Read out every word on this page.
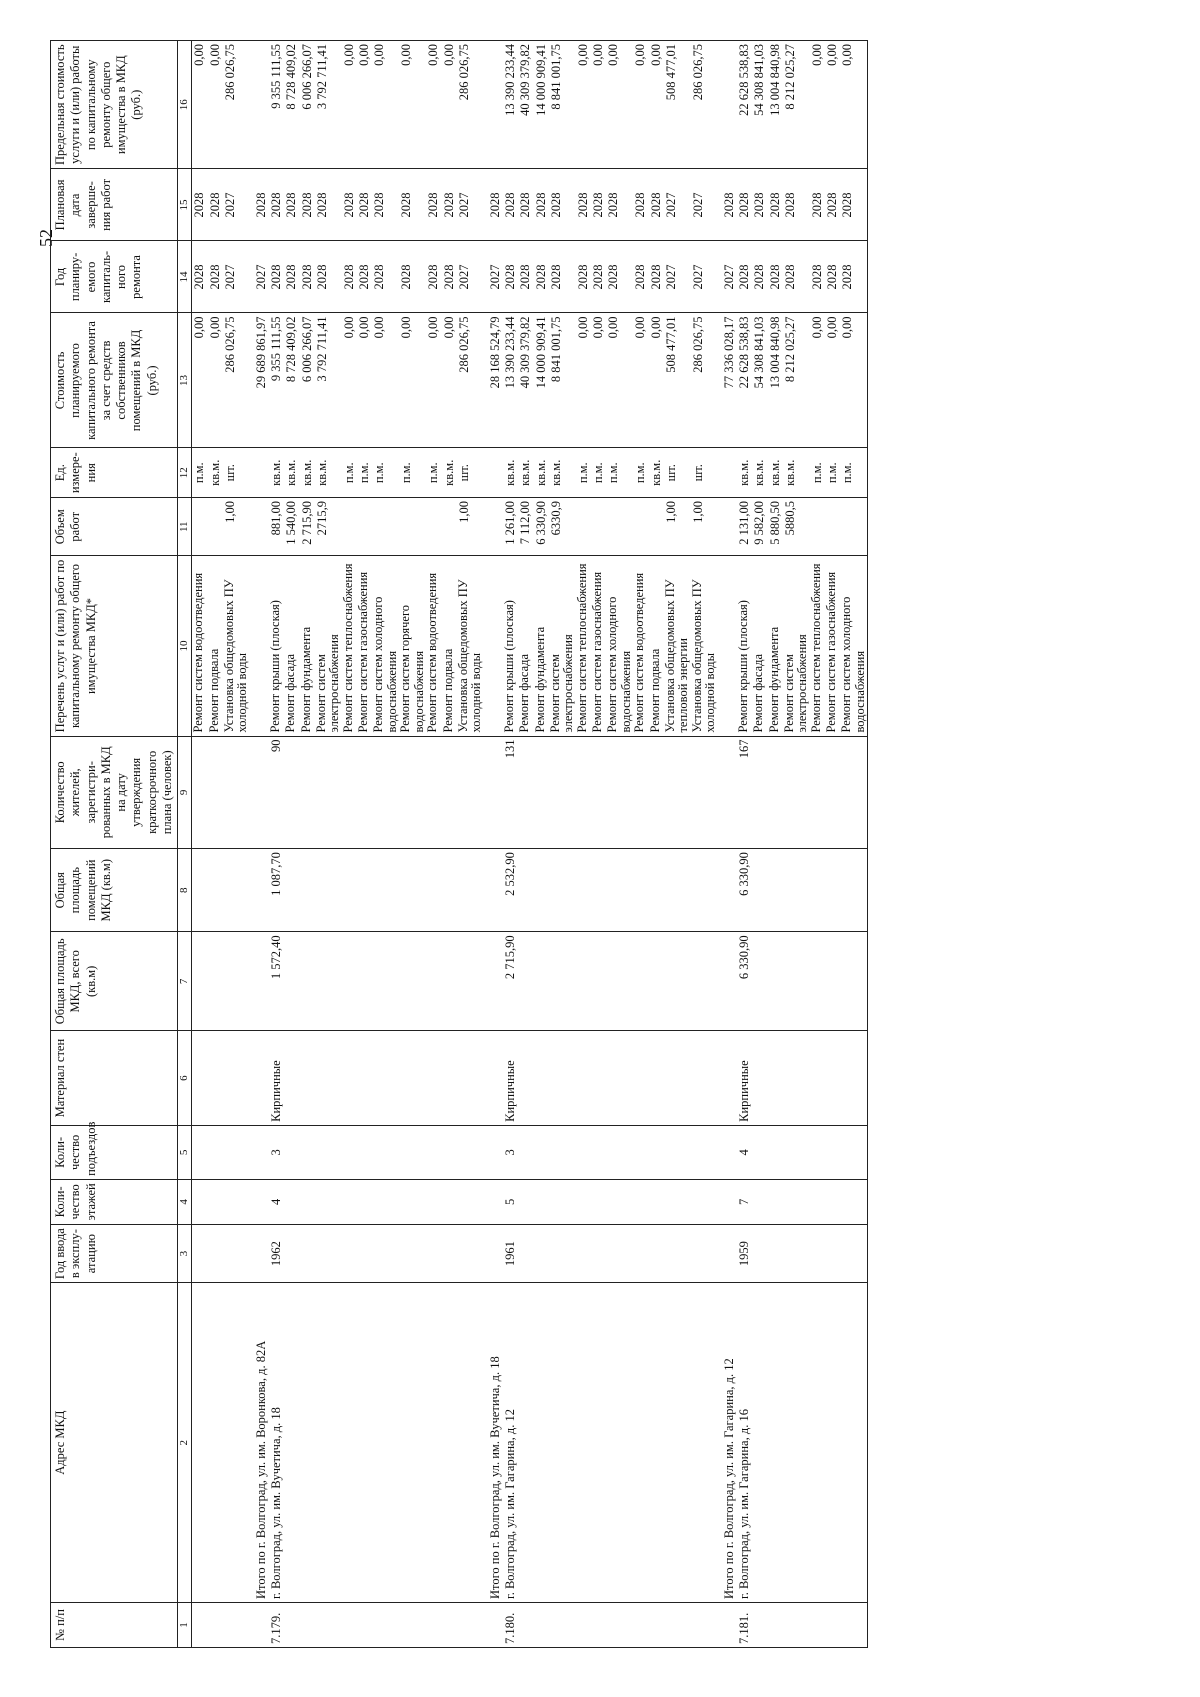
52
№ п/п	Адрес МКД	Год ввода в эксплу-атацию	Коли-чество этажей	Коли-чество подъездов	Материал стен	Общая площадь МКД, всего (кв.м)	Общая площадь помещений МКД (кв.м)	Количество жителей, зарегистри-рованных в МКД на дату утверждения краткосрочного плана (человек)	Перечень услуг и (или) работ по капитальному ремонту общего имущества МКД*	Объем работ	Ед. измере-ния	Стоимость планируемого капитального ремонта за счет средств собственников помещений в МКД (руб.)	Год планиру-емого капиталь-ного ремонта	Плановая дата заверше-ния работ	Предельная стоимость услуги и (или) работы по капитальному ремонту общего имущества в МКД (руб.)
1	2	3	4	5	6	7	8	9	10	11	12	13	14	15	16
									Ремонт систем водоотведения		п.м.	0,00	2028	2028	0,00
									Ремонт подвала		кв.м.	0,00	2028	2028	0,00
									Установка общедомовых ПУ холодной воды	1,00	шт.	286 026,75	2027	2027	286 026,75
	Итого по г. Волгоград, ул. им. Воронкова, д. 82А											29 689 861,97	2027	2028	
7.179.	г. Волгоград, ул. им. Вучетича, д. 18	1962	4	3	Кирпичные	1 572,40	1 087,70	90	Ремонт крыши (плоская)	881,00	кв.м.	9 355 111,55	2028	2028	9 355 111,55
									Ремонт фасада	1 540,00	кв.м.	8 728 409,02	2028	2028	8 728 409,02
									Ремонт фундамента	2 715,90	кв.м.	6 006 266,07	2028	2028	6 006 266,07
									Ремонт систем электроснабжения	2715,9	кв.м.	3 792 711,41	2028	2028	3 792 711,41
									Ремонт систем теплоснабжения		п.м.	0,00	2028	2028	0,00
									Ремонт систем газоснабжения		п.м.	0,00	2028	2028	0,00
									Ремонт систем холодного водоснабжения		п.м.	0,00	2028	2028	0,00
									Ремонт систем горячего водоснабжения		п.м.	0,00	2028	2028	0,00
									Ремонт систем водоотведения		п.м.	0,00	2028	2028	0,00
									Ремонт подвала		кв.м.	0,00	2028	2028	0,00
									Установка общедомовых ПУ холодной воды	1,00	шт.	286 026,75	2027	2027	286 026,75
	Итого по г. Волгоград, ул. им. Вучетича, д. 18											28 168 524,79	2027	2028	
7.180.	г. Волгоград, ул. им. Гагарина, д. 12	1961	5	3	Кирпичные	2 715,90	2 532,90	131	Ремонт крыши (плоская)	1 261,00	кв.м.	13 390 233,44	2028	2028	13 390 233,44
									Ремонт фасада	7 112,00	кв.м.	40 309 379,82	2028	2028	40 309 379,82
									Ремонт фундамента	6 330,90	кв.м.	14 000 909,41	2028	2028	14 000 909,41
									Ремонт систем электроснабжения	6330,9	кв.м.	8 841 001,75	2028	2028	8 841 001,75
									Ремонт систем теплоснабжения		п.м.	0,00	2028	2028	0,00
									Ремонт систем газоснабжения		п.м.	0,00	2028	2028	0,00
									Ремонт систем холодного водоснабжения		п.м.	0,00	2028	2028	0,00
									Ремонт систем водоотведения		п.м.	0,00	2028	2028	0,00
									Ремонт подвала		кв.м.	0,00	2028	2028	0,00
									Установка общедомовых ПУ тепловой энергии	1,00	шт.	508 477,01	2027	2027	508 477,01
									Установка общедомовых ПУ холодной воды	1,00	шт.	286 026,75	2027	2027	286 026,75
	Итого по г. Волгоград, ул. им. Гагарина, д. 12											77 336 028,17	2027	2028	
7.181.	г. Волгоград, ул. им. Гагарина, д. 16	1959	7	4	Кирпичные	6 330,90	6 330,90	167	Ремонт крыши (плоская)	2 131,00	кв.м.	22 628 538,83	2028	2028	22 628 538,83
									Ремонт фасада	9 582,00	кв.м.	54 308 841,03	2028	2028	54 308 841,03
									Ремонт фундамента	5 880,50	кв.м.	13 004 840,98	2028	2028	13 004 840,98
									Ремонт систем электроснабжения	5880,5	кв.м.	8 212 025,27	2028	2028	8 212 025,27
									Ремонт систем теплоснабжения		п.м.	0,00	2028	2028	0,00
									Ремонт систем газоснабжения		п.м.	0,00	2028	2028	0,00
									Ремонт систем холодного водоснабжения		п.м.	0,00	2028	2028	0,00
